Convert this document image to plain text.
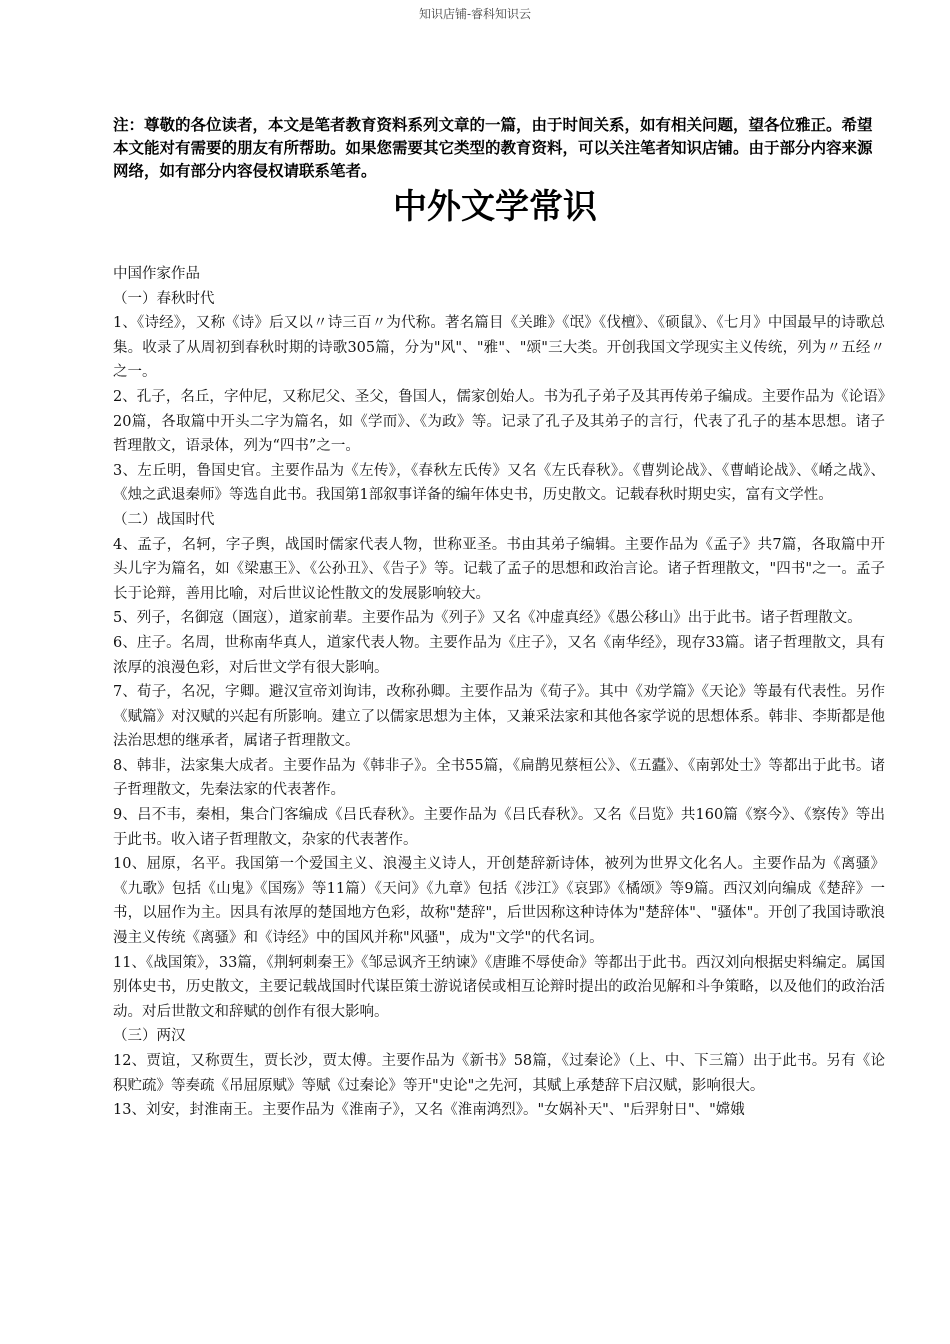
知识店铺-睿科知识云
注：尊敬的各位读者，本文是笔者教育资料系列文章的一篇，由于时间关系，如有相关问题，望各位雅正。希望本文能对有需要的朋友有所帮助。如果您需要其它类型的教育资料，可以关注笔者知识店铺。由于部分内容来源网络，如有部分内容侵权请联系笔者。
中外文学常识

中国作家作品

（一）春秋时代

1、《诗经》，又称《诗》后又以〃诗三百〃为代称。著名篇目《关雎》《氓》《伐檀》、《硕鼠》、《七月》中国最早的诗歌总集。收录了从周初到春秋时期的诗歌305篇，分为"风"、"雅"、"颂"三大类。开创我国文学现实主义传统，列为〃五经〃之一。

2、孔子，名丘，字仲尼，又称尼父、圣父，鲁国人，儒家创始人。书为孔子弟子及其再传弟子编成。主要作品为《论语》20篇，各取篇中开头二字为篇名，如《学而》、《为政》等。记录了孔子及其弟子的言行，代表了孔子的基本思想。诸子哲理散文，语录体，列为“四书”之一。

3、左丘明，鲁国史官。主要作品为《左传》，《春秋左氏传》又名《左氏春秋》。《曹刿论战》、《曹峭论战》、《崤之战》、《烛之武退秦师》等选自此书。我国第1部叙事详备的编年体史书，历史散文。记载春秋时期史实，富有文学性。

（二）战国时代

4、孟子，名轲，字子舆，战国时儒家代表人物，世称亚圣。书由其弟子编辑。主要作品为《孟子》共7篇，各取篇中开头儿字为篇名，如《梁惠王》、《公孙丑》、《告子》等。记载了孟子的思想和政治言论。诸子哲理散文，"四书"之一。孟子长于论辩，善用比喻，对后世议论性散文的发展影响较大。

5、列子，名御寇（圄寇），道家前辈。主要作品为《列子》又名《冲虚真经》《愚公移山》出于此书。诸子哲理散文。

6、庄子。名周，世称南华真人，道家代表人物。主要作品为《庄子》，又名《南华经》，现存33篇。诸子哲理散文，具有浓厚的浪漫色彩，对后世文学有很大影响。

7、荀子，名况，字卿。避汉宣帝刘询讳，改称孙卿。主要作品为《荀子》。其中《劝学篇》《天论》等最有代表性。另作《赋篇》对汉赋的兴起有所影响。建立了以儒家思想为主体，又兼采法家和其他各家学说的思想体系。韩非、李斯都是他法治思想的继承者，属诸子哲理散文。

8、韩非，法家集大成者。主要作品为《韩非子》。全书55篇，《扁鹊见蔡桓公》、《五蠹》、《南郭处士》等都出于此书。诸子哲理散文，先秦法家的代表著作。

9、吕不韦，秦相，集合门客编成《吕氏春秋》。主要作品为《吕氏春秋》。又名《吕览》共160篇《察今》、《察传》等出于此书。收入诸子哲理散文，杂家的代表著作。

10、屈原，名平。我国第一个爱国主义、浪漫主义诗人，开创楚辞新诗体，被列为世界文化名人。主要作品为《离骚》《九歌》包括《山鬼》《国殇》等11篇）《天问》《九章》包括《涉江》《哀郢》《橘颂》等9篇。西汉刘向编成《楚辞》一书，以屈作为主。因具有浓厚的楚国地方色彩，故称"楚辞"，后世因称这种诗体为"楚辞体"、"骚体"。开创了我国诗歌浪漫主义传统《离骚》和《诗经》中的国风并称"风骚"，成为"文学"的代名词。

11、《战国策》，33篇，《荆轲刺秦王》《邹忌讽齐王纳谏》《唐雎不辱使命》等都出于此书。西汉刘向根据史料编定。属国别体史书，历史散文，主要记载战国时代谋臣策士游说诸侯或相互论辩时提出的政治见解和斗争策略，以及他们的政治活动。对后世散文和辞赋的创作有很大影响。

（三）两汉

12、贾谊，又称贾生，贾长沙，贾太傅。主要作品为《新书》58篇，《过秦论》（上、中、下三篇）出于此书。另有《论积贮疏》等奏疏《吊屈原赋》等赋《过秦论》等开"史论"之先河，其赋上承楚辞下启汉赋，影响很大。

13、刘安，封淮南王。主要作品为《淮南子》，又名《淮南鸿烈》。"女娲补天"、"后羿射日"、"嫦娥
